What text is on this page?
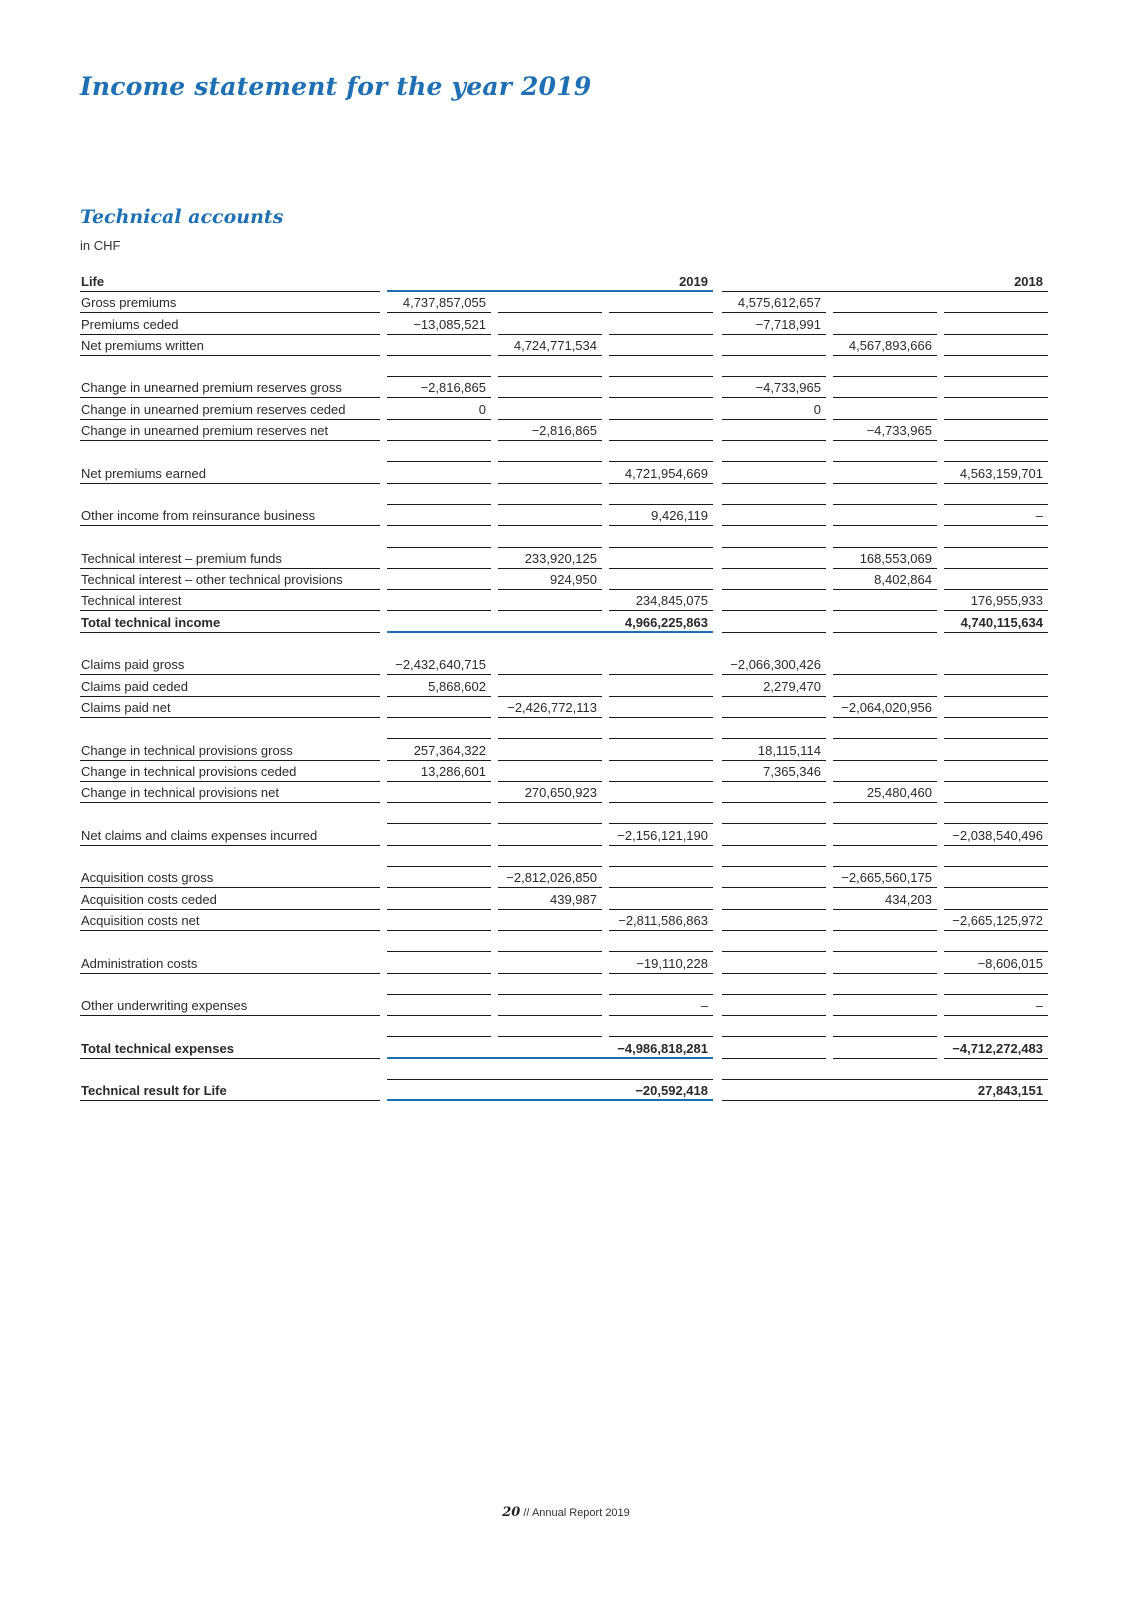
Income statement for the year 2019
Technical accounts
in CHF
Life	2019	2018
Gross premiums	4,737,857,055	4,575,612,657
Premiums ceded	−13,085,521	−7,718,991
Net premiums written	4,724,771,534	4,567,893,666
Change in unearned premium reserves gross	−2,816,865	−4,733,965
Change in unearned premium reserves ceded	0	0
Change in unearned premium reserves net	−2,816,865	−4,733,965
Net premiums earned	4,721,954,669	4,563,159,701
Other income from reinsurance business	9,426,119	–
Technical interest – premium funds	233,920,125	168,553,069
Technical interest – other technical provisions	924,950	8,402,864
Technical interest	234,845,075	176,955,933
Total technical income	4,966,225,863	4,740,115,634
Claims paid gross	−2,432,640,715	−2,066,300,426
Claims paid ceded	5,868,602	2,279,470
Claims paid net	−2,426,772,113	−2,064,020,956
Change in technical provisions gross	257,364,322	18,115,114
Change in technical provisions ceded	13,286,601	7,365,346
Change in technical provisions net	270,650,923	25,480,460
Net claims and claims expenses incurred	−2,156,121,190	−2,038,540,496
Acquisition costs gross	−2,812,026,850	−2,665,560,175
Acquisition costs ceded	439,987	434,203
Acquisition costs net	−2,811,586,863	−2,665,125,972
Administration costs	−19,110,228	−8,606,015
Other underwriting expenses	–	–
Total technical expenses	−4,986,818,281	−4,712,272,483
Technical result for Life	−20,592,418	27,843,151
20 // Annual Report 2019
